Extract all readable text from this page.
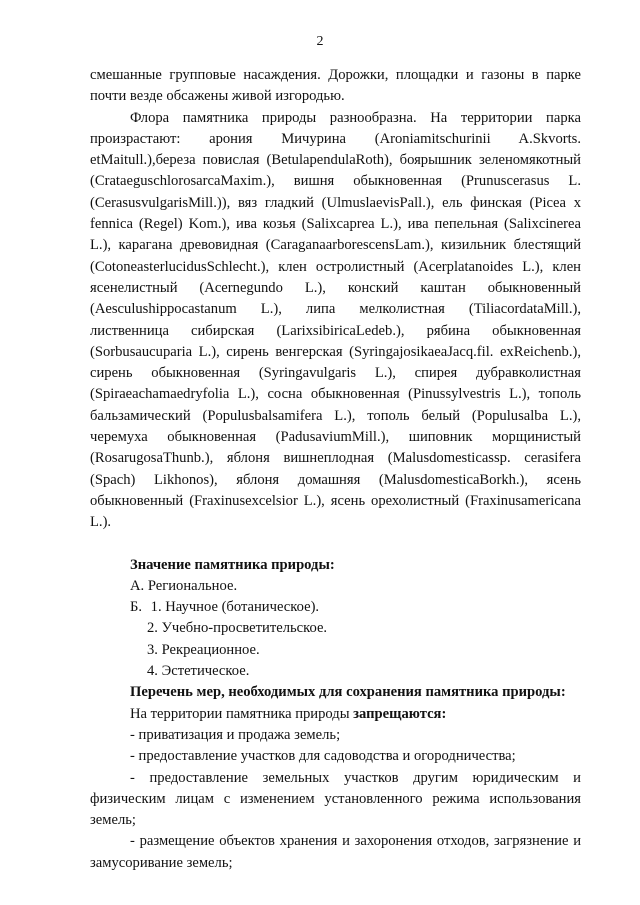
2

смешанные групповые насаждения. Дорожки, площадки и газоны в парке почти везде обсажены живой изгородью.

Флора памятника природы разнообразна. На территории парка произрастают: арония Мичурина (Aroniamitschurinii A.Skvorts. etMaitull.),береза повислая (BetulapendulaRoth), боярышник зеленомякотный (CrataeguschlorosarcaMaxim.), вишня обыкновенная (Prunuscerasus L. (CerasusvulgarisMill.)), вяз гладкий (UlmuslaevisPall.), ель финская (Picea x fennica (Regel) Kom.), ива козья (Salixcaprea L.), ива пепельная (Salixcinerea L.), карагана древовидная (CaraganaarborescensLam.), кизильник блестящий (CotoneasterlucidusSchlecht.), клен остролистный (Acerplatanoides L.), клен ясенелистный (Acernegundo L.), конский каштан обыкновенный (Aesculushippocastanum L.), липа мелколистная (TiliacordataMill.), лиственница сибирская (LarixsibiricaLedeb.), рябина обыкновенная (Sorbusaucuparia L.), сирень венгерская (SyringajosikaeaJacq.fil. exReichenb.), сирень обыкновенная (Syringavulgaris L.), спирея дубравколистная (Spiraeachamaedryfolia L.), сосна обыкновенная (Pinussylvestris L.), тополь бальзамический (Populusbalsamifera L.), тополь белый (Populusalba L.), черемуха обыкновенная (PadusaviumMill.), шиповник морщинистый (RosarugosaThunb.), яблоня вишнеплодная (Malusdomesticassp. cerasifera (Spach) Likhonos), яблоня домашняя (MalusdomesticaBorkh.), ясень обыкновенный (Fraxinusexcelsior L.), ясень орехолистный (Fraxinusamericana L.).

Значение памятника природы:

А. Региональное.

Б. 1. Научное (ботаническое).

2. Учебно-просветительское.

3. Рекреационное.

4. Эстетическое.

Перечень мер, необходимых для сохранения памятника природы:

На территории памятника природы запрещаются:

- приватизация и продажа земель;

- предоставление участков для садоводства и огородничества;

- предоставление земельных участков другим юридическим и физическим лицам с изменением установленного режима использования земель;

- размещение объектов хранения и захоронения отходов, загрязнение и замусоривание земель;
